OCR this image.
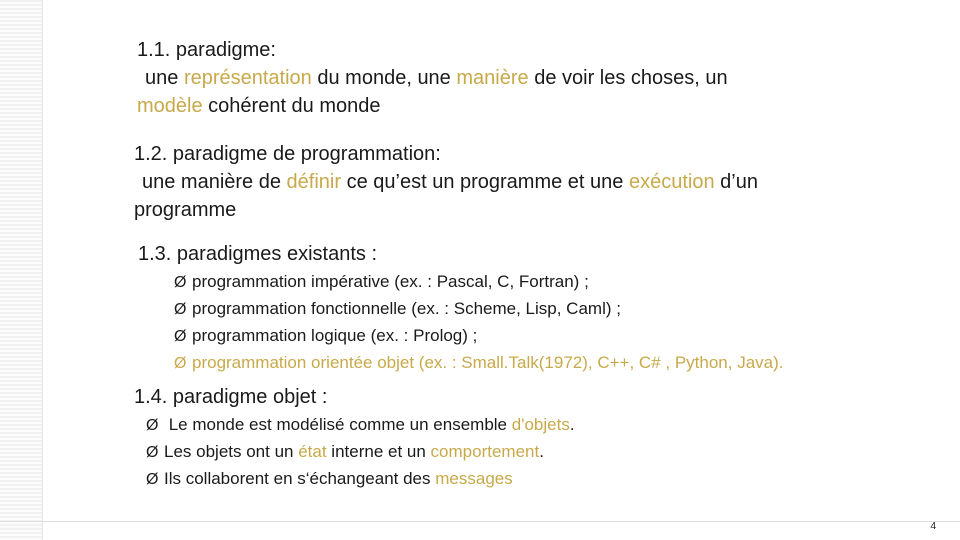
1.1. paradigme:
une représentation du monde, une manière de voir les choses, un
modèle cohérent du monde
1.2. paradigme de programmation:
une manière de définir ce qu’est un programme et une exécution d’un
programme
1.3. paradigmes existants :
Ø programmation impérative (ex. : Pascal, C, Fortran) ;
Ø programmation fonctionnelle (ex. : Scheme, Lisp, Caml) ;
Ø programmation logique (ex. : Prolog) ;
Ø programmation orientée objet (ex. : Small.Talk(1972), C++, C# , Python, Java).
1.4. paradigme objet :
Ø Le monde est modélisé comme un ensemble d'objets.
Ø Les objets ont un état interne et un comportement.
Ø Ils collaborent en s‘échangeant des messages
4
